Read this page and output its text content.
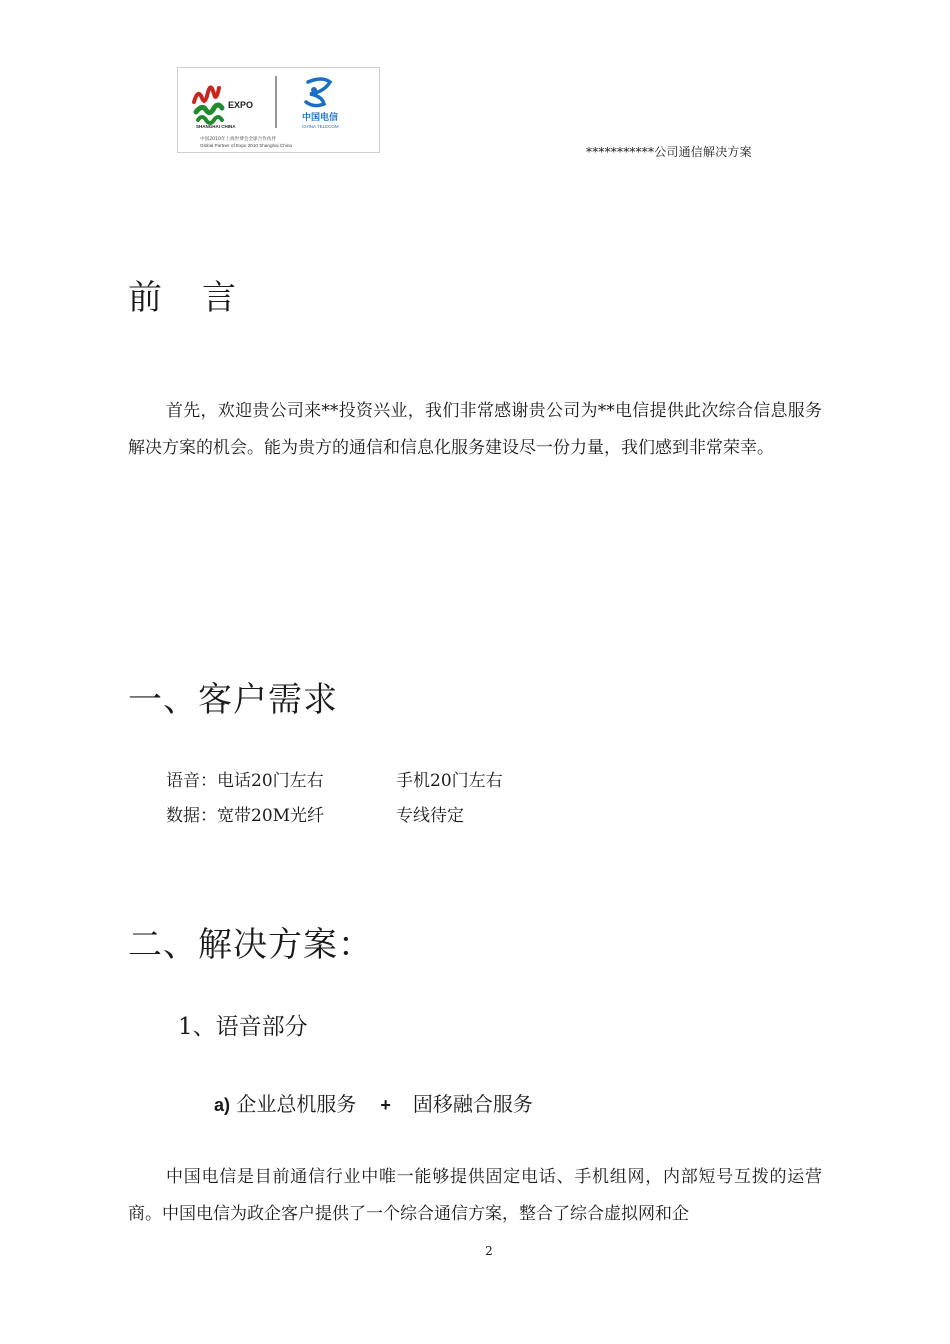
EXPO
SHANGHAI CHINA
中国电信
CHINA TELECOM
中国2010年上海世博会全球合作伙伴
Global Partner of Expo 2010 Shanghai China	***********公司通信解决方案
前 言
首先，欢迎贵公司来**投资兴业，我们非常感谢贵公司为**电信提供此次综合信息服务解决方案的机会。能为贵方的通信和信息化服务建设尽一份力量，我们感到非常荣幸。
一、客户需求
语音：电话20门左右	手机20门左右
数据：宽带20M光纤	专线待定
二、解决方案：
1、语音部分
a) 企业总机服务 + 固移融合服务
中国电信是目前通信行业中唯一能够提供固定电话、手机组网，内部短号互拨的运营商。中国电信为政企客户提供了一个综合通信方案，整合了综合虚拟网和企
2
